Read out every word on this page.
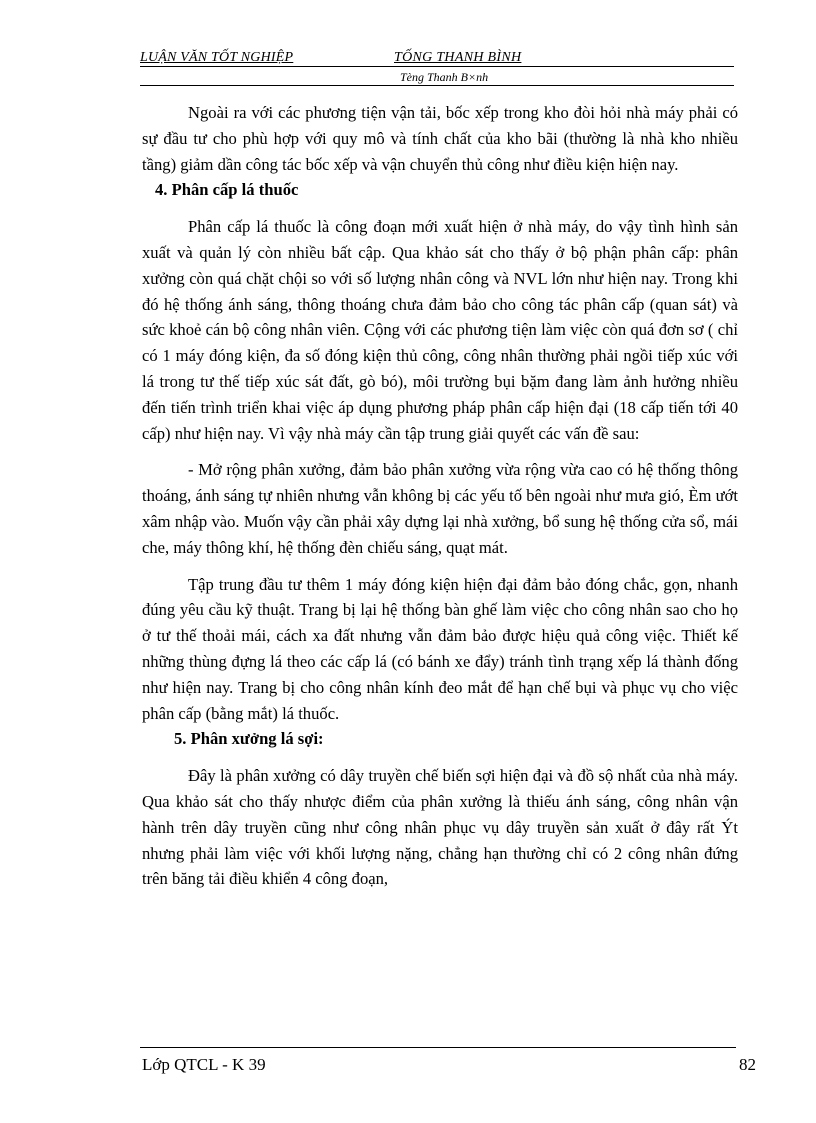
LUẬN VĂN TỐT NGHIỆP	TỐNG THANH BÌNH
Tèng Thanh B×nh

Ngoài ra với các phương tiện vận tải, bốc xếp trong kho đòi hỏi nhà máy phải có sự đầu tư cho phù hợp với quy mô và tính chất của kho bãi (thường là nhà kho nhiều tầng) giảm dần công tác bốc xếp và vận chuyển thủ công như điều kiện hiện nay.

4. Phân cấp lá thuốc

Phân cấp lá thuốc là công đoạn mới xuất hiện ở nhà máy, do vậy tình hình sản xuất và quản lý còn nhiều bất cập. Qua khảo sát cho thấy ở bộ phận phân cấp: phân xưởng còn quá chặt chội so với số lượng nhân công và NVL lớn như hiện nay. Trong khi đó hệ thống ánh sáng, thông thoáng chưa đảm bảo cho công tác phân cấp (quan sát) và sức khoẻ cán bộ công nhân viên. Cộng với các phương tiện làm việc còn quá đơn sơ ( chỉ có 1 máy đóng kiện, đa số đóng kiện thủ công, công nhân thường phải ngồi tiếp xúc với lá trong tư thế tiếp xúc sát đất, gò bó), môi trường bụi bặm đang làm ảnh hưởng nhiều đến tiến trình triển khai việc áp dụng phương pháp phân cấp hiện đại (18 cấp tiến tới 40 cấp) như hiện nay. Vì vậy nhà máy cần tập trung giải quyết các vấn đề sau:

- Mở rộng phân xưởng, đảm bảo phân xưởng vừa rộng vừa cao có hệ thống thông thoáng, ánh sáng tự nhiên nhưng vẫn không bị các yếu tố bên ngoài như mưa gió, Èm ướt xâm nhập vào. Muốn vậy cần phải xây dựng lại nhà xưởng, bổ sung hệ thống cửa sổ, mái che, máy thông khí, hệ thống đèn chiếu sáng, quạt mát.

Tập trung đầu tư thêm 1 máy đóng kiện hiện đại đảm bảo đóng chắc, gọn, nhanh đúng yêu cầu kỹ thuật. Trang bị lại hệ thống bàn ghế làm việc cho công nhân sao cho họ ở tư thế thoải mái, cách xa đất nhưng vẫn đảm bảo được hiệu quả công việc. Thiết kế những thùng đựng lá theo các cấp lá (có bánh xe đẩy) tránh tình trạng xếp lá thành đống như hiện nay. Trang bị cho công nhân kính đeo mắt để hạn chế bụi và phục vụ cho việc phân cấp (bằng mắt) lá thuốc.

5. Phân xưởng lá sợi:

Đây là phân xưởng có dây truyền chế biến sợi hiện đại và đồ sộ nhất của nhà máy. Qua khảo sát cho thấy nhược điểm của phân xưởng là thiếu ánh sáng, công nhân vận hành trên dây truyền cũng như công nhân phục vụ dây truyền sản xuất ở đây rất Ýt nhưng phải làm việc với khối lượng nặng, chẳng hạn thường chỉ có 2 công nhân đứng trên băng tải điều khiển 4 công đoạn,

Lớp QTCL - K 39	82
